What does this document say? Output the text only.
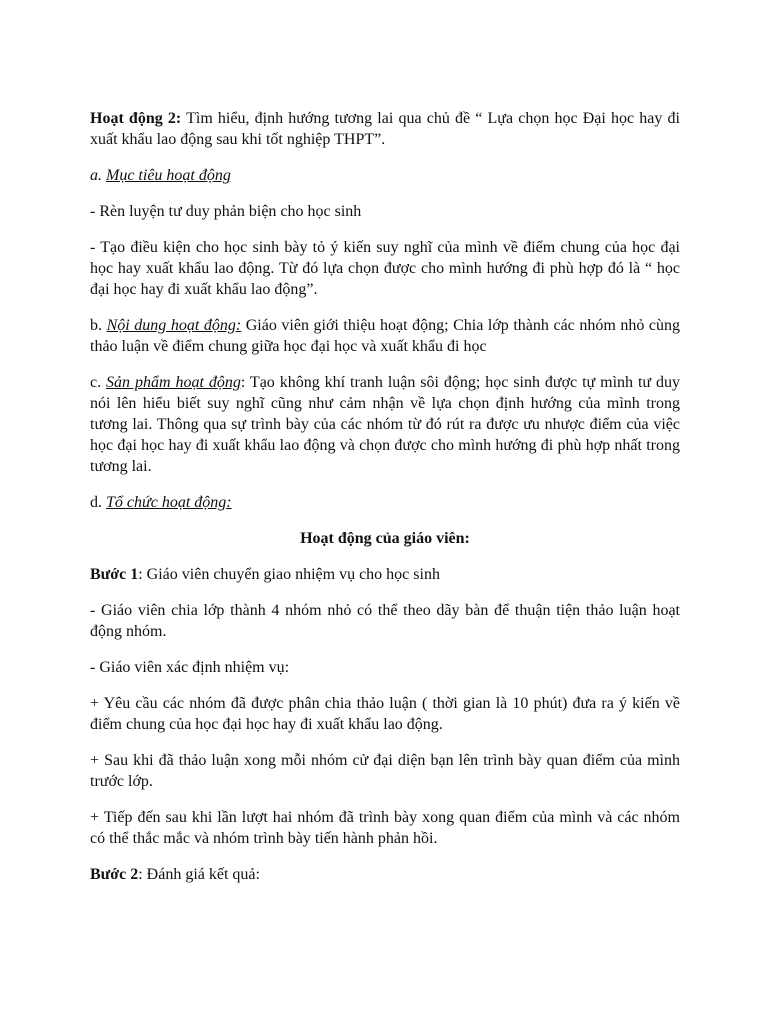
Hoạt động 2: Tìm hiểu, định hướng tương lai qua chủ đề “ Lựa chọn học Đại học hay đi xuất khẩu lao động sau khi tốt nghiệp THPT”.

a. Mục tiêu hoạt động

- Rèn luyện tư duy phản biện cho học sinh

- Tạo điều kiện cho học sinh bày tỏ ý kiến suy nghĩ của mình về điểm chung của học đại học hay xuất khẩu lao động. Từ đó lựa chọn được cho mình hướng đi phù hợp đó là “ học đại học hay đi xuất khẩu lao động”.

b. Nội dung hoạt động: Giáo viên giới thiệu hoạt động; Chia lớp thành các nhóm nhỏ cùng thảo luận về điểm chung giữa học đại học và xuất khẩu đi học

c. Sản phẩm hoạt động: Tạo không khí tranh luận sôi động; học sinh được tự mình tư duy nói lên hiểu biết suy nghĩ cũng như cảm nhận về lựa chọn định hướng của mình trong tương lai. Thông qua sự trình bày của các nhóm từ đó rút ra được ưu nhược điểm của việc học đại học hay đi xuất khẩu lao động và chọn được cho mình hướng đi phù hợp nhất trong tương lai.

d. Tổ chức hoạt động:

Hoạt động của giáo viên:

Bước 1: Giáo viên chuyển giao nhiệm vụ cho học sinh

- Giáo viên chia lớp thành 4 nhóm nhỏ có thể theo dãy bàn để thuận tiện thảo luận hoạt động nhóm.

- Giáo viên xác định nhiệm vụ:

+ Yêu cầu các nhóm đã được phân chia thảo luận ( thời gian là 10 phút) đưa ra ý kiến về điểm chung của học đại học hay đi xuất khẩu lao động.

+ Sau khi đã thảo luận xong mỗi nhóm cử đại diện bạn lên trình bày quan điểm của mình trước lớp.

+ Tiếp đến sau khi lần lượt hai nhóm đã trình bày xong quan điểm của mình và các nhóm có thể thắc mắc và nhóm trình bày tiến hành phản hồi.

Bước 2: Đánh giá kết quả:
